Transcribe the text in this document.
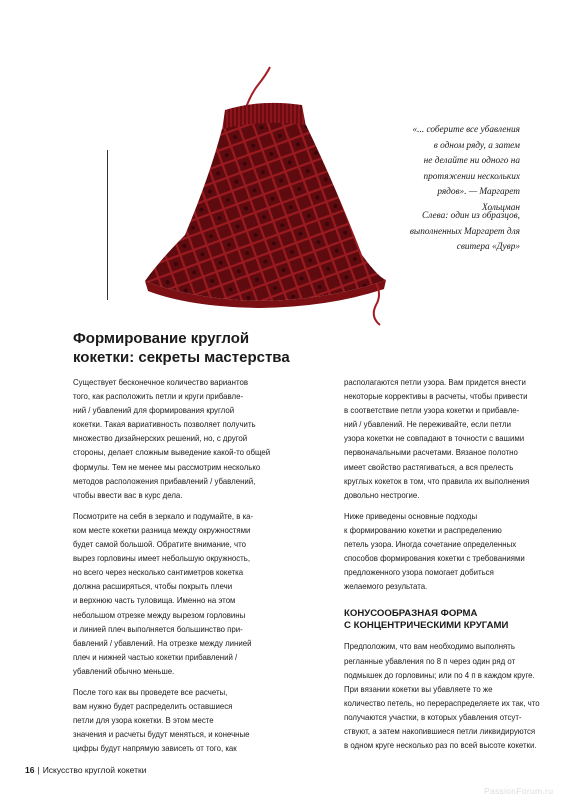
«... соберите все убавления
в одном ряду, а затем
не делайте ни одного на
протяжении нескольких
рядов». — Маргарет
Хольцман

Слева: один из образцов,
выполненных Маргарет для
свитера «Дувр»

Формирование круглой
кокетки: секреты мастерства

Существует бесконечное количество вариантов
того, как расположить петли и круги прибавле-
ний / убавлений для формирования круглой
кокетки. Такая вариативность позволяет получить
множество дизайнерских решений, но, с другой
стороны, делает сложным выведение какой-то общей
формулы. Тем не менее мы рассмотрим несколько
методов расположения прибавлений / убавлений,
чтобы ввести вас в курс дела.

Посмотрите на себя в зеркало и подумайте, в ка-
ком месте кокетки разница между окружностями
будет самой большой. Обратите внимание, что
вырез горловины имеет небольшую окружность,
но всего через несколько сантиметров кокетка
должна расширяться, чтобы покрыть плечи
и верхнюю часть туловища. Именно на этом
небольшом отрезке между вырезом горловины
и линией плеч выполняется большинство при-
бавлений / убавлений. На отрезке между линией
плеч и нижней частью кокетки прибавлений /
убавлений обычно меньше.

После того как вы проведете все расчеты,
вам нужно будет распределить оставшиеся
петли для узора кокетки. В этом месте
значения и расчеты будут меняться, и конечные
цифры будут напрямую зависеть от того, как

располагаются петли узора. Вам придется внести
некоторые коррективы в расчеты, чтобы привести
в соответствие петли узора кокетки и прибавле-
ний / убавлений. Не переживайте, если петли
узора кокетки не совпадают в точности с вашими
первоначальными расчетами. Вязаное полотно
имеет свойство растягиваться, а вся прелесть
круглых кокеток в том, что правила их выполнения
довольно нестрогие.

Ниже приведены основные подходы
к формированию кокетки и распределению
петель узора. Иногда сочетание определенных
способов формирования кокетки с требованиями
предложенного узора помогает добиться
желаемого результата.

КОНУСООБРАЗНАЯ ФОРМА
С КОНЦЕНТРИЧЕСКИМИ КРУГАМИ

Предположим, что вам необходимо выполнять
регланные убавления по 8 п через один ряд от
подмышек до горловины; или по 4 п в каждом круге.
При вязании кокетки вы убавляете то же
количество петель, но перераспределяете их так, что
получаются участки, в которых убавления отсут-
ствуют, а затем накопившиеся петли ликвидируются
в одном круге несколько раз по всей высоте кокетки.

16 | Искусство круглой кокетки
PassionForum.ru
